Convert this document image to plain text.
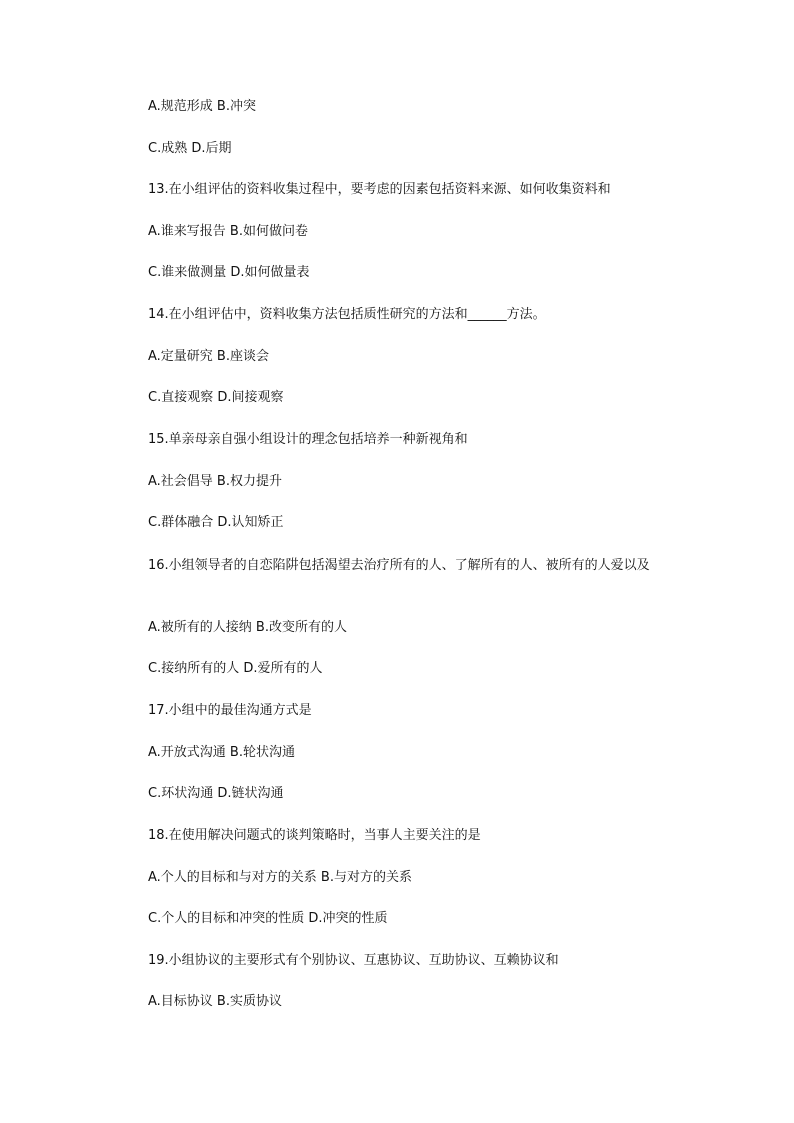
A.规范形成 B.冲突
C.成熟 D.后期
13.在小组评估的资料收集过程中，要考虑的因素包括资料来源、如何收集资料和
A.谁来写报告 B.如何做问卷
C.谁来做测量 D.如何做量表
14.在小组评估中，资料收集方法包括质性研究的方法和______方法。
A.定量研究 B.座谈会
C.直接观察 D.间接观察
15.单亲母亲自强小组设计的理念包括培养一种新视角和
A.社会倡导 B.权力提升
C.群体融合 D.认知矫正
16.小组领导者的自恋陷阱包括渴望去治疗所有的人、了解所有的人、被所有的人爱以及
A.被所有的人接纳 B.改变所有的人
C.接纳所有的人 D.爱所有的人
17.小组中的最佳沟通方式是
A.开放式沟通 B.轮状沟通
C.环状沟通 D.链状沟通
18.在使用解决问题式的谈判策略时，当事人主要关注的是
A.个人的目标和与对方的关系 B.与对方的关系
C.个人的目标和冲突的性质 D.冲突的性质
19.小组协议的主要形式有个别协议、互惠协议、互助协议、互赖协议和
A.目标协议 B.实质协议
